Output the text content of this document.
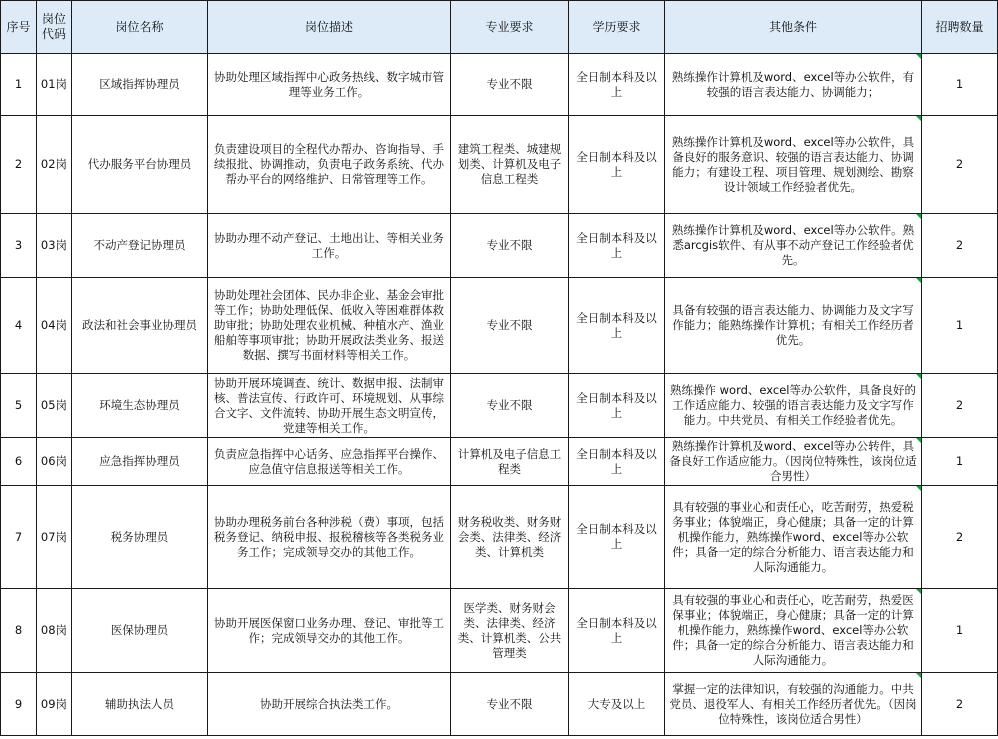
序号	岗位代码	岗位名称	岗位描述	专业要求	学历要求	其他条件	招聘数量
1	01岗	区域指挥协理员	协助处理区域指挥中心政务热线、数字城市管理等业务工作。	专业不限	全日制本科及以上	熟练操作计算机及word、excel等办公软件，有较强的语言表达能力、协调能力；	1
2	02岗	代办服务平台协理员	负责建设项目的全程代办帮办、咨询指导、手续报批、协调推动，负责电子政务系统、代办帮办平台的网络维护、日常管理等工作。	建筑工程类、城建规划类、计算机及电子信息工程类	全日制本科及以上	熟练操作计算机及word、excel等办公软件，具备良好的服务意识、较强的语言表达能力、协调能力；有建设工程、项目管理、规划测绘、勘察设计领域工作经验者优先。	2
3	03岗	不动产登记协理员	协助办理不动产登记、土地出让、等相关业务工作。	专业不限	全日制本科及以上	熟练操作计算机及word、excel等办公软件。熟悉arcgis软件、有从事不动产登记工作经验者优先。	2
4	04岗	政法和社会事业协理员	协助处理社会团体、民办非企业、基金会审批等工作；协助处理低保、低收入等困难群体救助审批；协助处理农业机械、种植水产、渔业船舶等事项审批；协助开展政法类业务、报送数据、撰写书面材料等相关工作。	专业不限	全日制本科及以上	具备有较强的语言表达能力、协调能力及文字写作能力；能熟练操作计算机；有相关工作经历者优先。	1
5	05岗	环境生态协理员	协助开展环境调查、统计、数据申报、法制审核、普法宣传、行政许可、环境规划、从事综合文字、文件流转、协助开展生态文明宣传，党建等相关工作。	专业不限	全日制本科及以上	熟练操作 word、excel等办公软件，具备良好的工作适应能力、较强的语言表达能力及文字写作能力。中共党员、有相关工作经验者优先。	2
6	06岗	应急指挥协理员	负责应急指挥中心话务、应急指挥平台操作、应急值守信息报送等相关工作。	计算机及电子信息工程类	全日制本科及以上	熟练操作计算机及word、excel等办公转件，具备良好工作适应能力。（因岗位特殊性，该岗位适合男性）	1
7	07岗	税务协理员	协助办理税务前台各种涉税（费）事项，包括税务登记、纳税申报、报税稽核等各类税务业务工作；完成领导交办的其他工作。	财务税收类、财务财会类、法律类、经济类、计算机类	全日制本科及以上	具有较强的事业心和责任心，吃苦耐劳，热爱税务事业；体貌端正，身心健康；具备一定的计算机操作能力，熟练操作word、excel等办公软件；具备一定的综合分析能力、语言表达能力和人际沟通能力。	2
8	08岗	医保协理员	协助开展医保窗口业务办理、登记、审批等工作；完成领导交办的其他工作。	医学类、财务财会类、法律类、经济类、计算机类、公共管理类	全日制本科及以上	具有较强的事业心和责任心，吃苦耐劳，热爱医保事业；体貌端正，身心健康；具备一定的计算机操作能力，熟练操作word、excel等办公软件；具备一定的综合分析能力、语言表达能力和人际沟通能力。	1
9	09岗	辅助执法人员	协助开展综合执法类工作。	专业不限	大专及以上	掌握一定的法律知识，有较强的沟通能力。中共党员、退役军人、有相关工作经历者优先。（因岗位特殊性，该岗位适合男性）	2
